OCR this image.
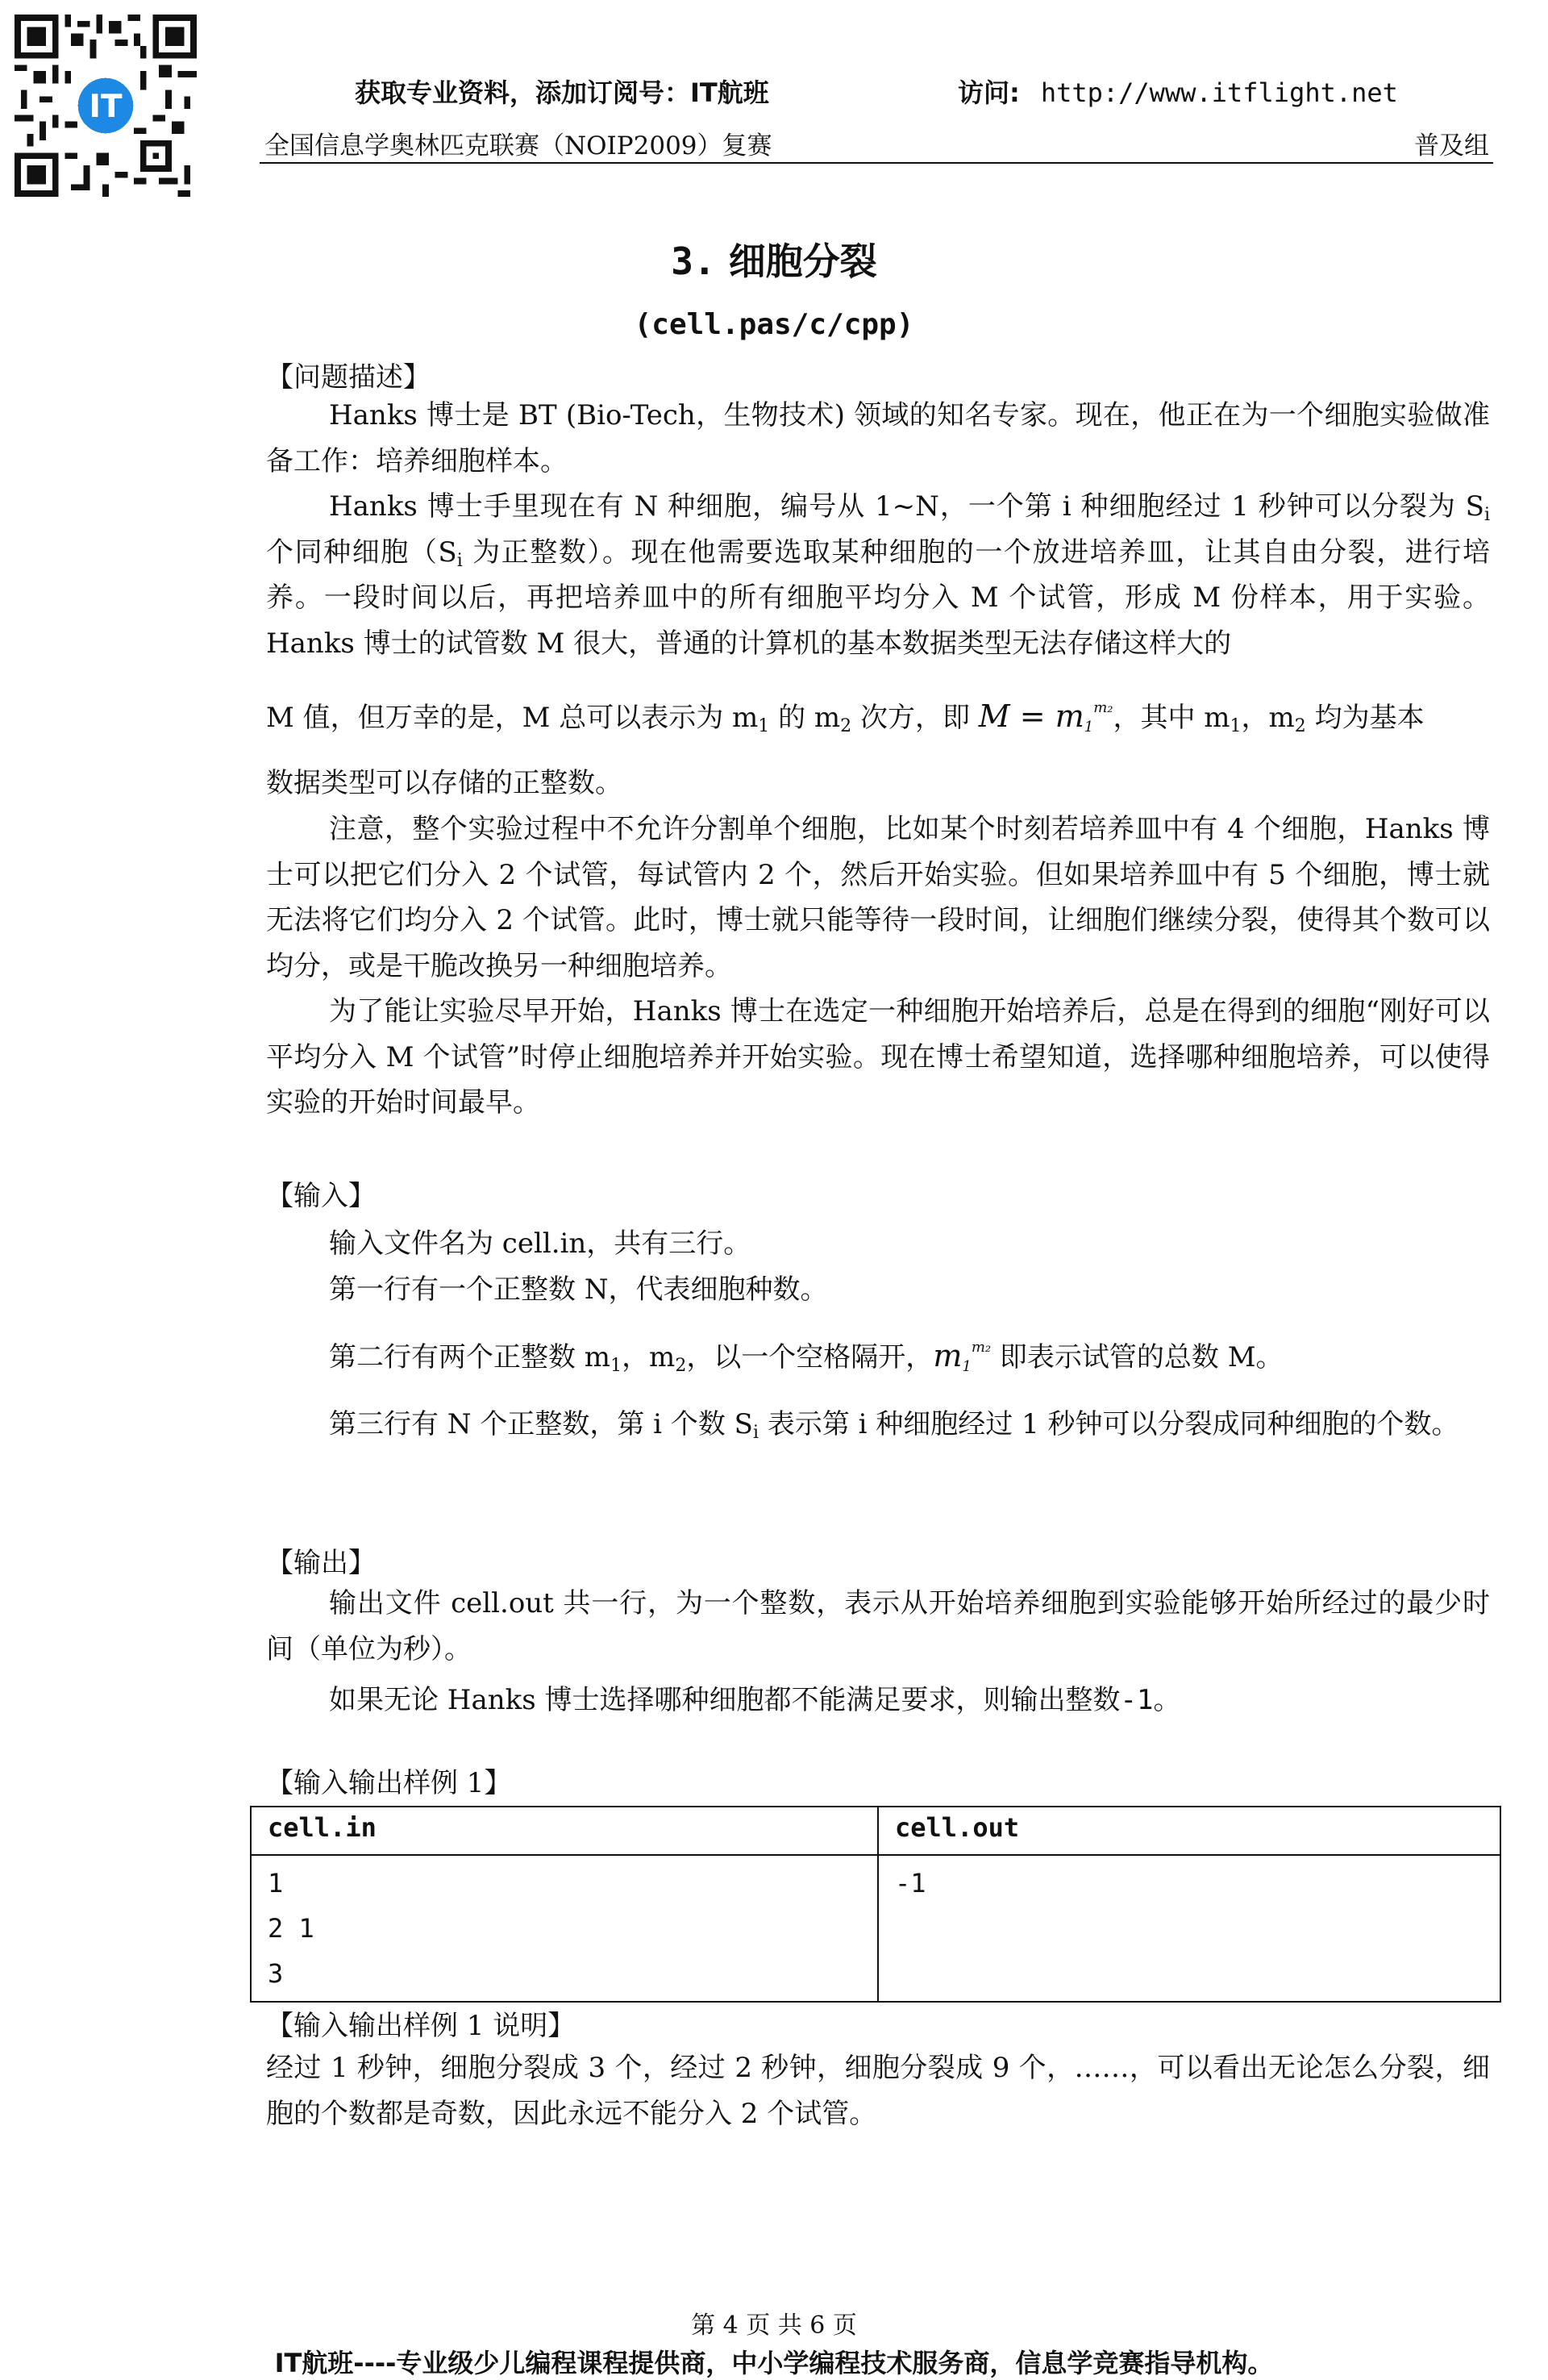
IT	获取专业资料，添加订阅号：IT航班	访问: http://www.itflight.net
全国信息学奥林匹克联赛（NOIP2009）复赛	普及组
3. 细胞分裂
(cell.pas/c/cpp)
【问题描述】
Hanks 博士是 BT (Bio-Tech，生物技术) 领域的知名专家。现在，他正在为一个细胞实验做准备工作：培养细胞样本。
Hanks 博士手里现在有 N 种细胞，编号从 1~N，一个第 i 种细胞经过 1 秒钟可以分裂为 $S_i$ 个同种细胞（$S_i$ 为正整数）。现在他需要选取某种细胞的一个放进培养皿，让其自由分裂，进行培养。一段时间以后，再把培养皿中的所有细胞平均分入 M 个试管，形成 M 份样本，用于实验。Hanks 博士的试管数 M 很大，普通的计算机的基本数据类型无法存储这样大的
M 值，但万幸的是，M 总可以表示为 $m_1$ 的 $m_2$ 次方，即 $M = m_1^{m_2}$，其中 $m_1$，$m_2$ 均为基本
数据类型可以存储的正整数。
注意，整个实验过程中不允许分割单个细胞，比如某个时刻若培养皿中有 4 个细胞，Hanks 博士可以把它们分入 2 个试管，每试管内 2 个，然后开始实验。但如果培养皿中有 5 个细胞，博士就无法将它们均分入 2 个试管。此时，博士就只能等待一段时间，让细胞们继续分裂，使得其个数可以均分，或是干脆改换另一种细胞培养。
为了能让实验尽早开始，Hanks 博士在选定一种细胞开始培养后，总是在得到的细胞“刚好可以平均分入 M 个试管”时停止细胞培养并开始实验。现在博士希望知道，选择哪种细胞培养，可以使得实验的开始时间最早。
【输入】
输入文件名为 cell.in，共有三行。
第一行有一个正整数 N，代表细胞种数。
第二行有两个正整数 $m_1$，$m_2$，以一个空格隔开，$m_1^{m_2}$ 即表示试管的总数 M。
第三行有 N 个正整数，第 i 个数 $S_i$ 表示第 i 种细胞经过 1 秒钟可以分裂成同种细胞的个数。
【输出】
输出文件 cell.out 共一行，为一个整数，表示从开始培养细胞到实验能够开始所经过的最少时间（单位为秒）。
如果无论 Hanks 博士选择哪种细胞都不能满足要求，则输出整数-1。
【输入输出样例 1】
cell.in	cell.out

1
2 1
3	-1
【输入输出样例 1 说明】
经过 1 秒钟，细胞分裂成 3 个，经过 2 秒钟，细胞分裂成 9 个，……，可以看出无论怎么分裂，细胞的个数都是奇数，因此永远不能分入 2 个试管。
第 4 页 共 6 页
IT航班----专业级少儿编程课程提供商，中小学编程技术服务商，信息学竞赛指导机构。
